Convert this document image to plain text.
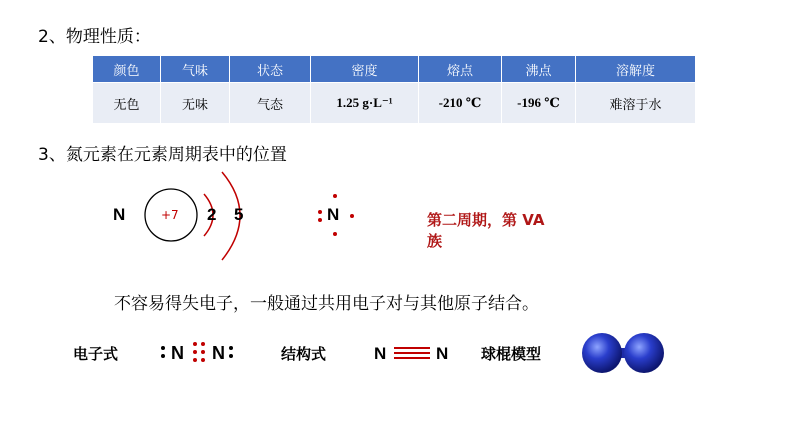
2、物理性质：
颜色	气味	状态	密度	熔点	沸点	溶解度
无色	无味	气态	1.25 g·L⁻¹	-210 ℃	-196 ℃	难溶于水
3、氮元素在元素周期表中的位置
N	+7 2 5	N	第二周期，第 VA
族
不容易得失电子，一般通过共用电子对与其他原子结合。
电子式	N N	结构式	N	N 球棍模型
